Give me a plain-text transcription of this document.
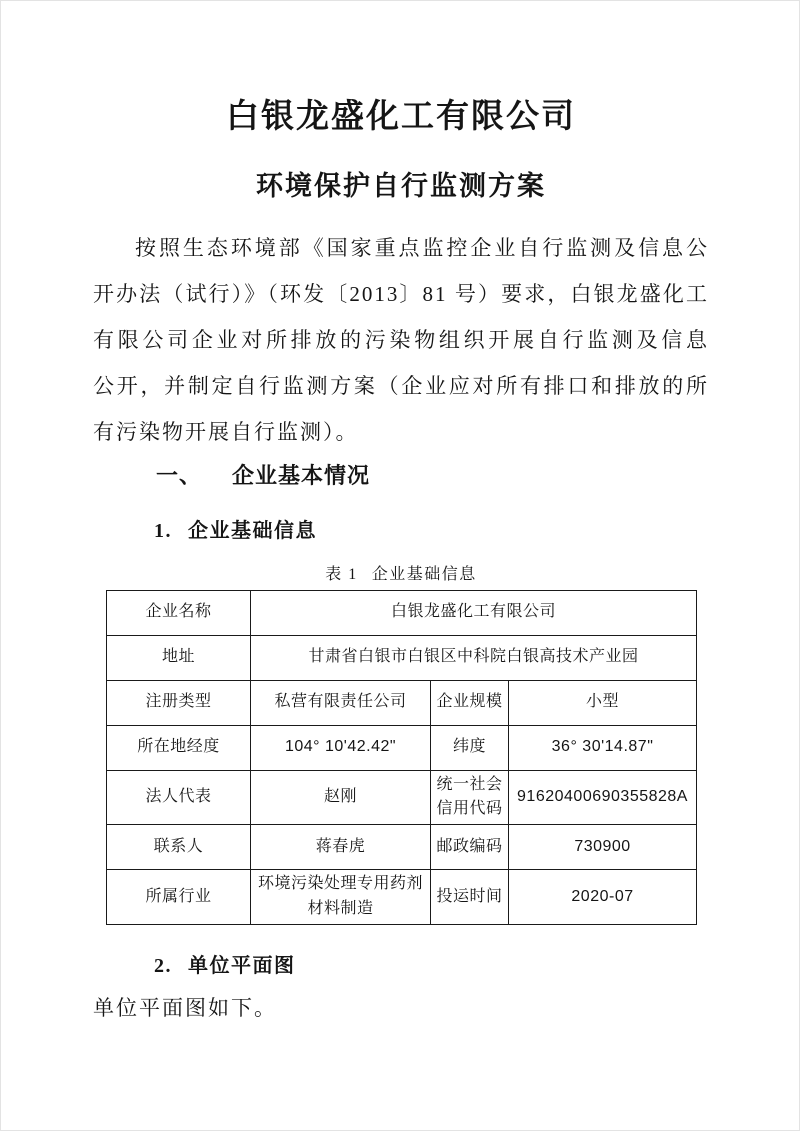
白银龙盛化工有限公司
环境保护自行监测方案
按照生态环境部《国家重点监控企业自行监测及信息公
开办法（试行）》（环发〔2013〕81 号）要求，白银龙盛化工
有限公司企业对所排放的污染物组织开展自行监测及信息
公开，并制定自行监测方案（企业应对所有排口和排放的所
有污染物开展自行监测）。
一、 企业基本情况
1. 企业基础信息
表 1 企业基础信息
企业名称	白银龙盛化工有限公司		
地址	甘肃省白银市白银区中科院白银高技术产业园		
注册类型	私营有限责任公司	企业规模	小型
所在地经度	104° 10'42.42"	纬度	36° 30'14.87"
法人代表	赵刚	统一社会信用代码	91620400690355828A
联系人	蒋春虎	邮政编码	730900
所属行业	环境污染处理专用药剂材料制造	投运时间	2020-07
2. 单位平面图
单位平面图如下。
